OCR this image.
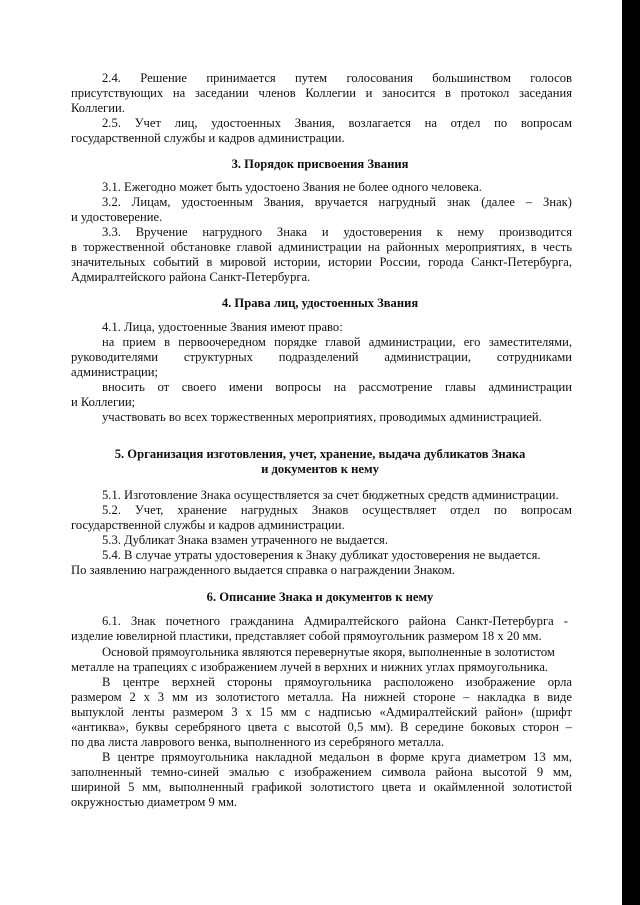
2.4. Решение принимается путем голосования большинством голосов
присутствующих на заседании членов Коллегии и заносится в протокол заседания
Коллегии.
2.5. Учет лиц, удостоенных Звания, возлагается на отдел по вопросам
государственной службы и кадров администрации.
3. Порядок присвоения Звания
3.1. Ежегодно может быть удостоено Звания не более одного человека.
3.2. Лицам, удостоенным Звания, вручается нагрудный знак (далее – Знак)
и удостоверение.
3.3. Вручение нагрудного Знака и удостоверения к нему производится
в торжественной обстановке главой администрации на районных мероприятиях, в честь
значительных событий в мировой истории, истории России, города Санкт-Петербурга,
Адмиралтейского района Санкт-Петербурга.
4. Права лиц, удостоенных Звания
4.1. Лица, удостоенные Звания имеют право:
на прием в первоочередном порядке главой администрации, его заместителями,
руководителями структурных подразделений администрации, сотрудниками
администрации;
вносить от своего имени вопросы на рассмотрение главы администрации
и Коллегии;
участвовать во всех торжественных мероприятиях, проводимых администрацией.
5. Организация изготовления, учет, хранение, выдача дубликатов Знака
и документов к нему
5.1. Изготовление Знака осуществляется за счет бюджетных средств администрации.
5.2. Учет, хранение нагрудных Знаков осуществляет отдел по вопросам
государственной службы и кадров администрации.
5.3. Дубликат Знака взамен утраченного не выдается.
5.4. В случае утраты удостоверения к Знаку дубликат удостоверения не выдается.
По заявлению награжденного выдается справка о награждении Знаком.
6. Описание Знака и документов к нему
6.1. Знак почетного гражданина Адмиралтейского района Санкт-Петербурга -
изделие ювелирной пластики, представляет собой прямоугольник размером 18 х 20 мм.
Основой прямоугольника являются перевернутые якоря, выполненные в золотистом
металле на трапециях с изображением лучей в верхних и нижних углах прямоугольника.
В центре верхней стороны прямоугольника расположено изображение орла
размером 2 х 3 мм из золотистого металла. На нижней стороне – накладка в виде
выпуклой ленты размером 3 х 15 мм с надписью «Адмиралтейский район» (шрифт
«антиква», буквы серебряного цвета с высотой 0,5 мм). В середине боковых сторон –
по два листа лаврового венка, выполненного из серебряного металла.
В центре прямоугольника накладной медальон в форме круга диаметром 13 мм,
заполненный темно-синей эмалью с изображением символа района высотой 9 мм,
шириной 5 мм, выполненный графикой золотистого цвета и окаймленной золотистой
окружностью диаметром 9 мм.
